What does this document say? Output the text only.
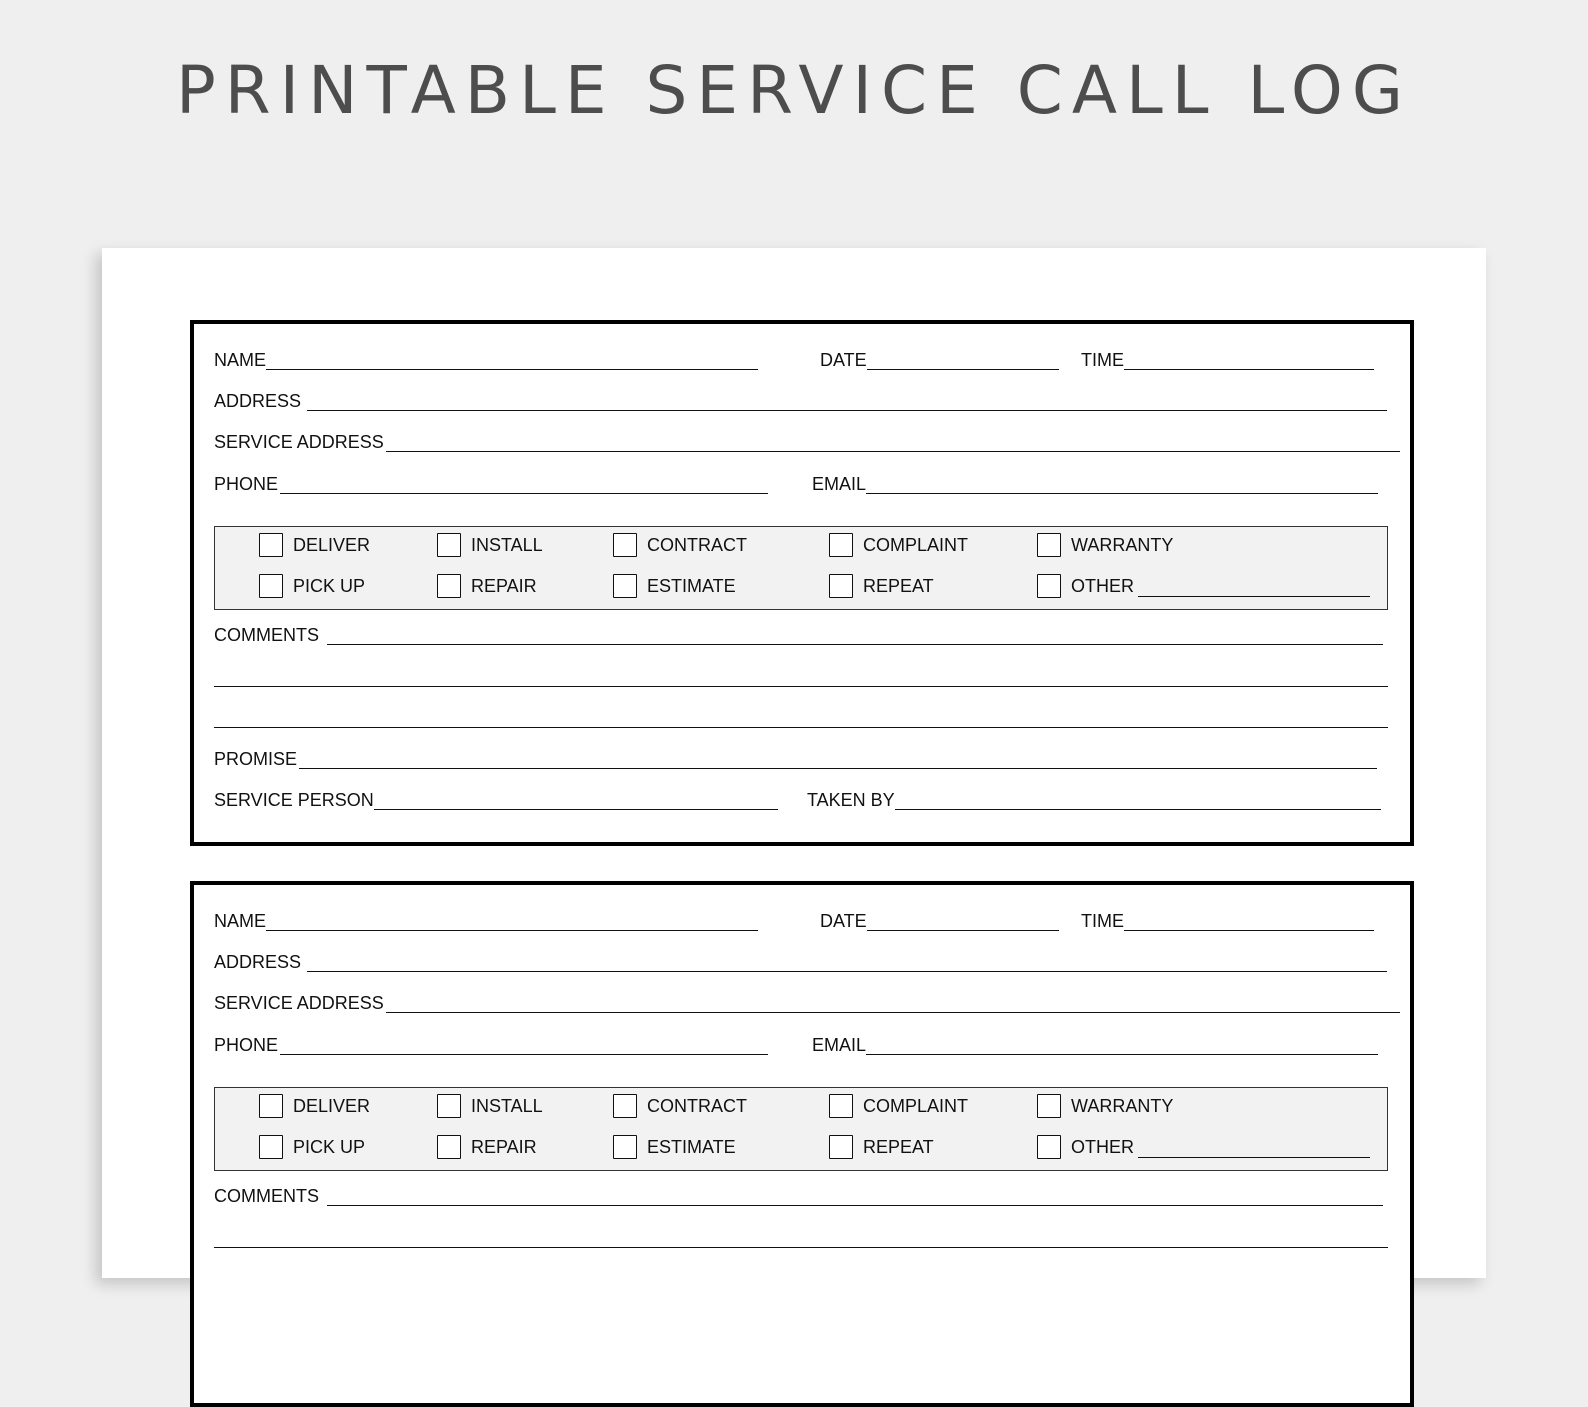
PRINTABLE SERVICE CALL LOG
NAME	DATE	TIME
ADDRESS
SERVICE ADDRESS
PHONE	EMAIL
DELIVER	INSTALL	CONTRACT	COMPLAINT	WARRANTY
PICK UP	REPAIR	ESTIMATE	REPEAT	OTHER
COMMENTS
PROMISE
SERVICE PERSON	TAKEN BY
NAME	DATE	TIME
ADDRESS
SERVICE ADDRESS
PHONE	EMAIL
DELIVER	INSTALL	CONTRACT	COMPLAINT	WARRANTY
PICK UP	REPAIR	ESTIMATE	REPEAT	OTHER
COMMENTS
